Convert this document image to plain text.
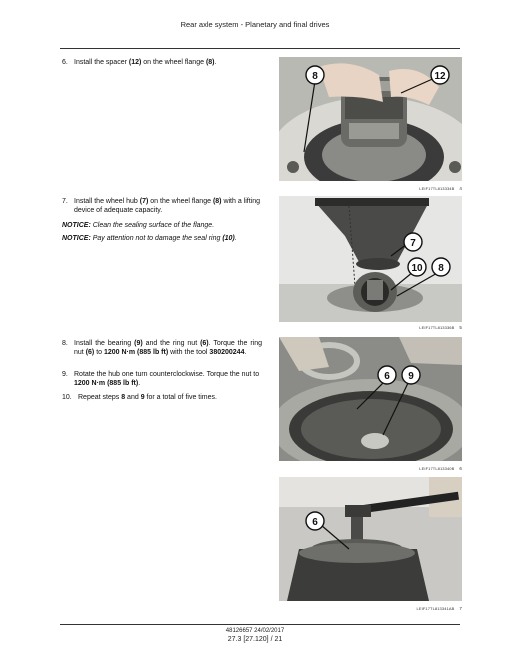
Rear axle system - Planetary and final drives
6. Install the spacer (12) on the wheel flange (8).
7. Install the wheel hub (7) on the wheel flange (8) with a lifting device of adequate capacity.
NOTICE: Clean the sealing surface of the flange.
NOTICE: Pay attention not to damage the seal ring (10).
8. Install the bearing (9) and the ring nut (6). Torque the ring nut (6) to 1200 N·m (885 lb ft) with the tool 380200244.
9. Rotate the hub one turn counterclockwise. Torque the nut to 1200 N·m (885 lb ft).
10. Repeat steps 8 and 9 for a total of five times.
8	12
LEIF17TL813334B 4
7
10 8
LEIF17TL813336B 5
6 9
LEIF17TL813340B 6
6
LEIF17TL813341AB 7
48126657 24/02/2017
27.3 [27.120] / 21
